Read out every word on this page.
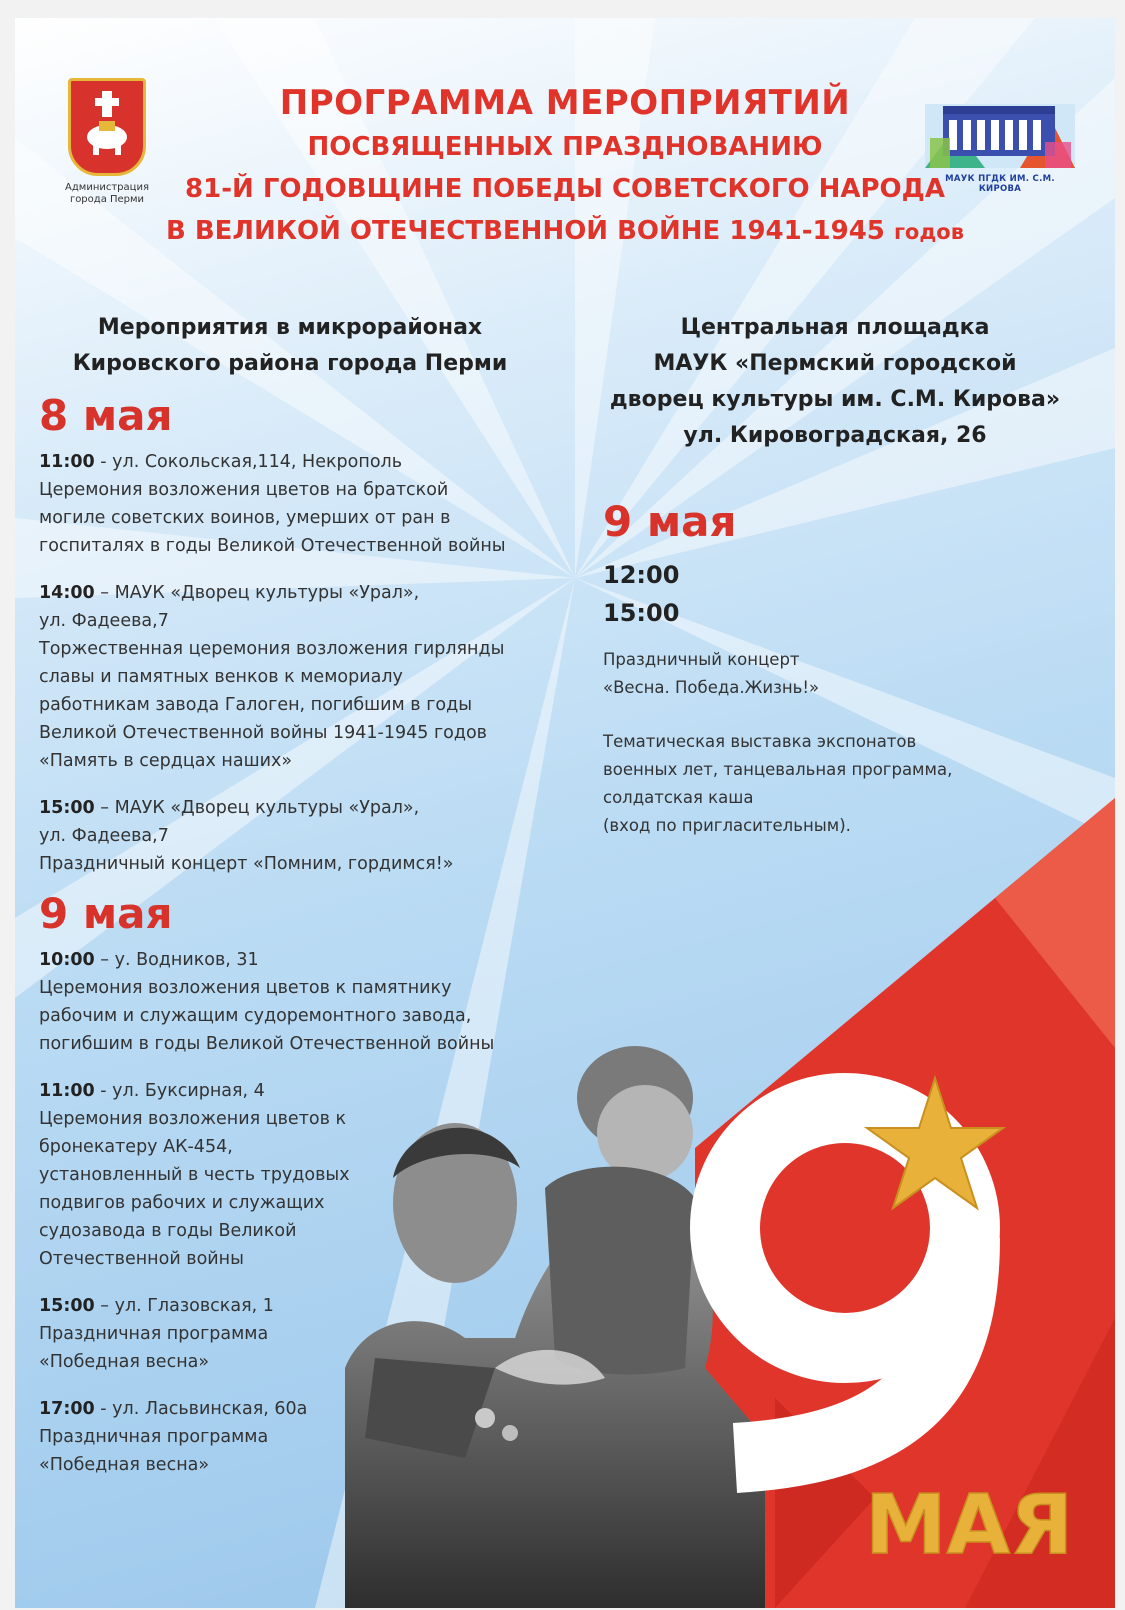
Администрация
города Перми
МАУК ПГДК ИМ. С.М. КИРОВА
ПРОГРАММА МЕРОПРИЯТИЙ
ПОСВЯЩЕННЫХ ПРАЗДНОВАНИЮ
81-Й ГОДОВЩИНЕ ПОБЕДЫ СОВЕТСКОГО НАРОДА
В ВЕЛИКОЙ ОТЕЧЕСТВЕННОЙ ВОЙНЕ 1941-1945 годов
Мероприятия в микрорайонах
Кировского района города Перми
Центральная площадка
МАУК «Пермский городской
дворец культуры им. С.М. Кирова»
ул. Кировоградская, 26
8 мая
11:00 - ул. Сокольская,114, Некрополь
Церемония возложения цветов на братской
могиле советских воинов, умерших от ран в
госпиталях в годы Великой Отечественной войны
14:00 – МАУК «Дворец культуры «Урал»,
ул. Фадеева,7
Торжественная церемония возложения гирлянды
славы и памятных венков к мемориалу
работникам завода Галоген, погибшим в годы
Великой Отечественной войны 1941-1945 годов
«Память в сердцах наших»
15:00 – МАУК «Дворец культуры «Урал»,
ул. Фадеева,7
Праздничный концерт «Помним, гордимся!»
9 мая
10:00 – у. Водников, 31
Церемония возложения цветов к памятнику
рабочим и служащим судоремонтного завода,
погибшим в годы Великой Отечественной войны
11:00 - ул. Буксирная, 4
Церемония возложения цветов к
бронекатеру АК-454,
установленный в честь трудовых
подвигов рабочих и служащих
судозавода в годы Великой
Отечественной войны
15:00 – ул. Глазовская, 1
Праздничная программа
«Победная весна»
17:00 - ул. Ласьвинская, 60а
Праздничная программа
«Победная весна»
9 мая
12:00
15:00
Праздничный концерт
«Весна. Победа.Жизнь!»
Тематическая выставка экспонатов
военных лет, танцевальная программа,
солдатская каша
(вход по пригласительным).
МАЯ
